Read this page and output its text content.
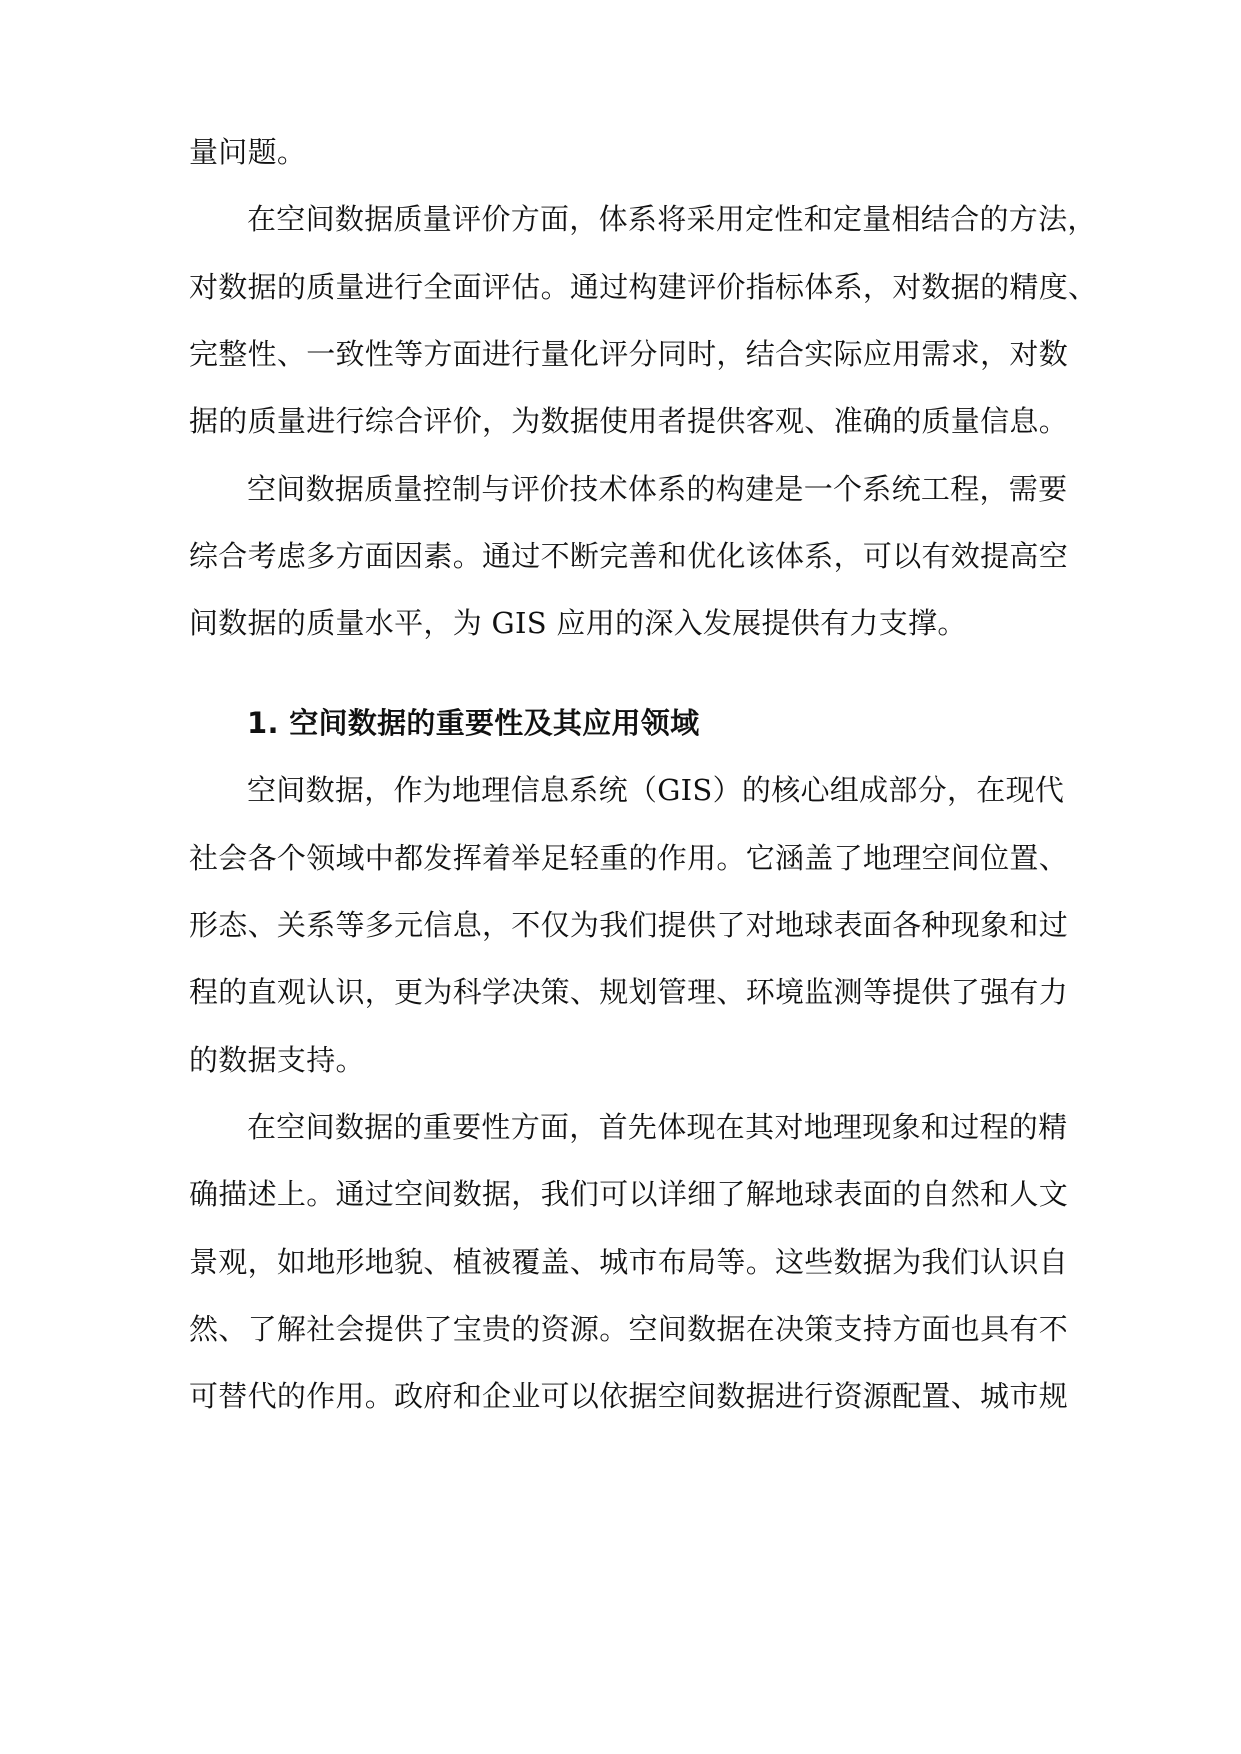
量问题。
在空间数据质量评价方面，体系将采用定性和定量相结合的方法，
对数据的质量进行全面评估。通过构建评价指标体系，对数据的精度、
完整性、一致性等方面进行量化评分同时，结合实际应用需求，对数
据的质量进行综合评价，为数据使用者提供客观、准确的质量信息。
空间数据质量控制与评价技术体系的构建是一个系统工程，需要
综合考虑多方面因素。通过不断完善和优化该体系，可以有效提高空
间数据的质量水平，为 GIS 应用的深入发展提供有力支撑。
1. 空间数据的重要性及其应用领域
空间数据，作为地理信息系统（GIS）的核心组成部分，在现代
社会各个领域中都发挥着举足轻重的作用。它涵盖了地理空间位置、
形态、关系等多元信息，不仅为我们提供了对地球表面各种现象和过
程的直观认识，更为科学决策、规划管理、环境监测等提供了强有力
的数据支持。
在空间数据的重要性方面，首先体现在其对地理现象和过程的精
确描述上。通过空间数据，我们可以详细了解地球表面的自然和人文
景观，如地形地貌、植被覆盖、城市布局等。这些数据为我们认识自
然、了解社会提供了宝贵的资源。空间数据在决策支持方面也具有不
可替代的作用。政府和企业可以依据空间数据进行资源配置、城市规
